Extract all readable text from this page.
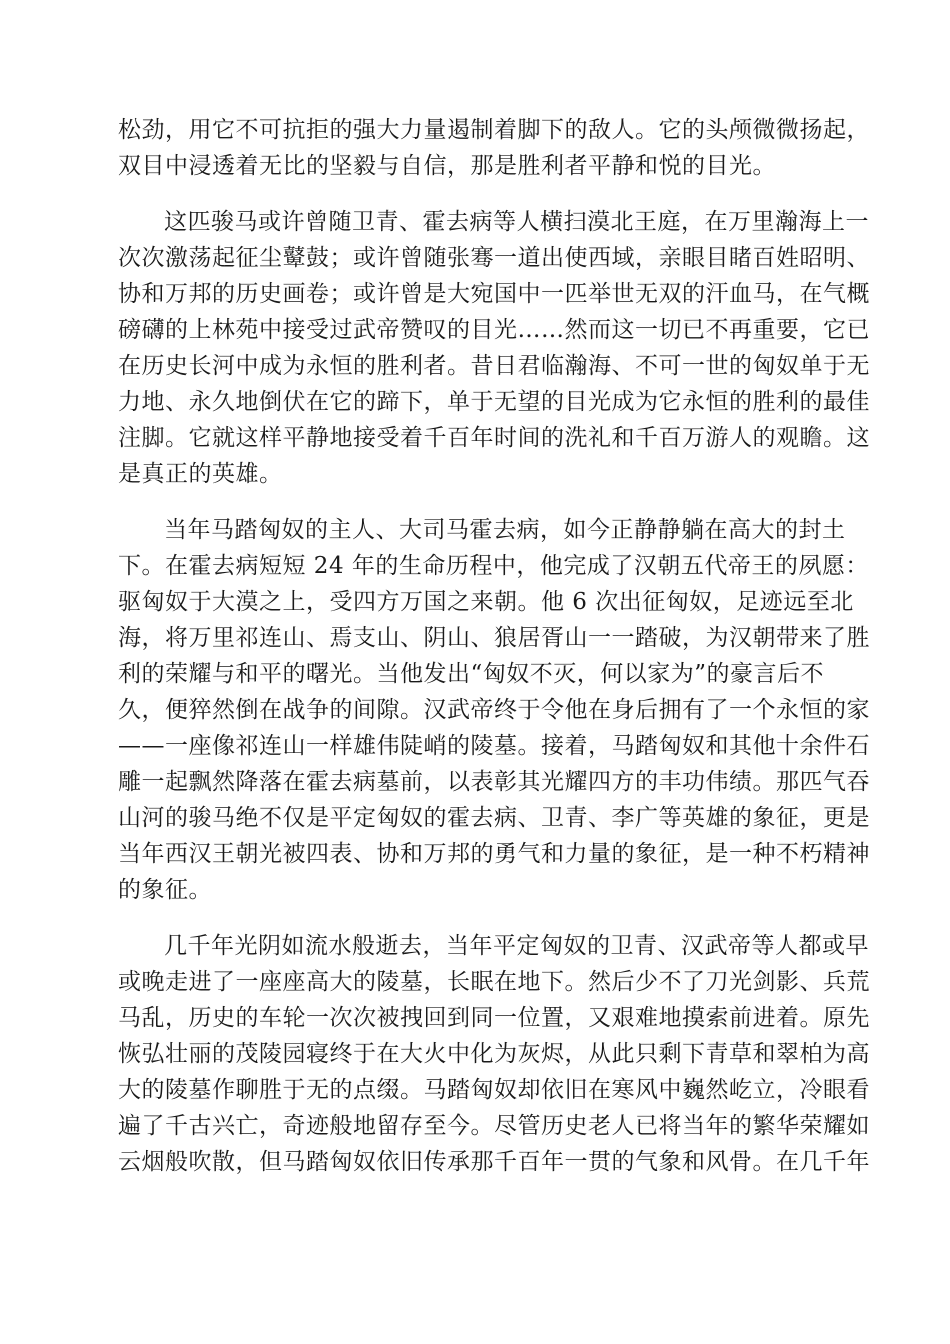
松劲，用它不可抗拒的强大力量遏制着脚下的敌人。它的头颅微微扬起，
双目中浸透着无比的坚毅与自信，那是胜利者平静和悦的目光。
这匹骏马或许曾随卫青、霍去病等人横扫漠北王庭，在万里瀚海上一
次次激荡起征尘鼙鼓；或许曾随张骞一道出使西域，亲眼目睹百姓昭明、
协和万邦的历史画卷；或许曾是大宛国中一匹举世无双的汗血马，在气概
磅礴的上林苑中接受过武帝赞叹的目光……然而这一切已不再重要，它已
在历史长河中成为永恒的胜利者。昔日君临瀚海、不可一世的匈奴单于无
力地、永久地倒伏在它的蹄下，单于无望的目光成为它永恒的胜利的最佳
注脚。它就这样平静地接受着千百年时间的洗礼和千百万游人的观瞻。这
是真正的英雄。
当年马踏匈奴的主人、大司马霍去病，如今正静静躺在高大的封土
下。在霍去病短短 24 年的生命历程中，他完成了汉朝五代帝王的夙愿：
驱匈奴于大漠之上，受四方万国之来朝。他 6 次出征匈奴，足迹远至北
海，将万里祁连山、焉支山、阴山、狼居胥山一一踏破，为汉朝带来了胜
利的荣耀与和平的曙光。当他发出“匈奴不灭，何以家为”的豪言后不
久，便猝然倒在战争的间隙。汉武帝终于令他在身后拥有了一个永恒的家
——一座像祁连山一样雄伟陡峭的陵墓。接着，马踏匈奴和其他十余件石
雕一起飘然降落在霍去病墓前，以表彰其光耀四方的丰功伟绩。那匹气吞
山河的骏马绝不仅是平定匈奴的霍去病、卫青、李广等英雄的象征，更是
当年西汉王朝光被四表、协和万邦的勇气和力量的象征，是一种不朽精神
的象征。
几千年光阴如流水般逝去，当年平定匈奴的卫青、汉武帝等人都或早
或晚走进了一座座高大的陵墓，长眠在地下。然后少不了刀光剑影、兵荒
马乱，历史的车轮一次次被拽回到同一位置，又艰难地摸索前进着。原先
恢弘壮丽的茂陵园寝终于在大火中化为灰烬，从此只剩下青草和翠柏为高
大的陵墓作聊胜于无的点缀。马踏匈奴却依旧在寒风中巍然屹立，冷眼看
遍了千古兴亡，奇迹般地留存至今。尽管历史老人已将当年的繁华荣耀如
云烟般吹散，但马踏匈奴依旧传承那千百年一贯的气象和风骨。在几千年
